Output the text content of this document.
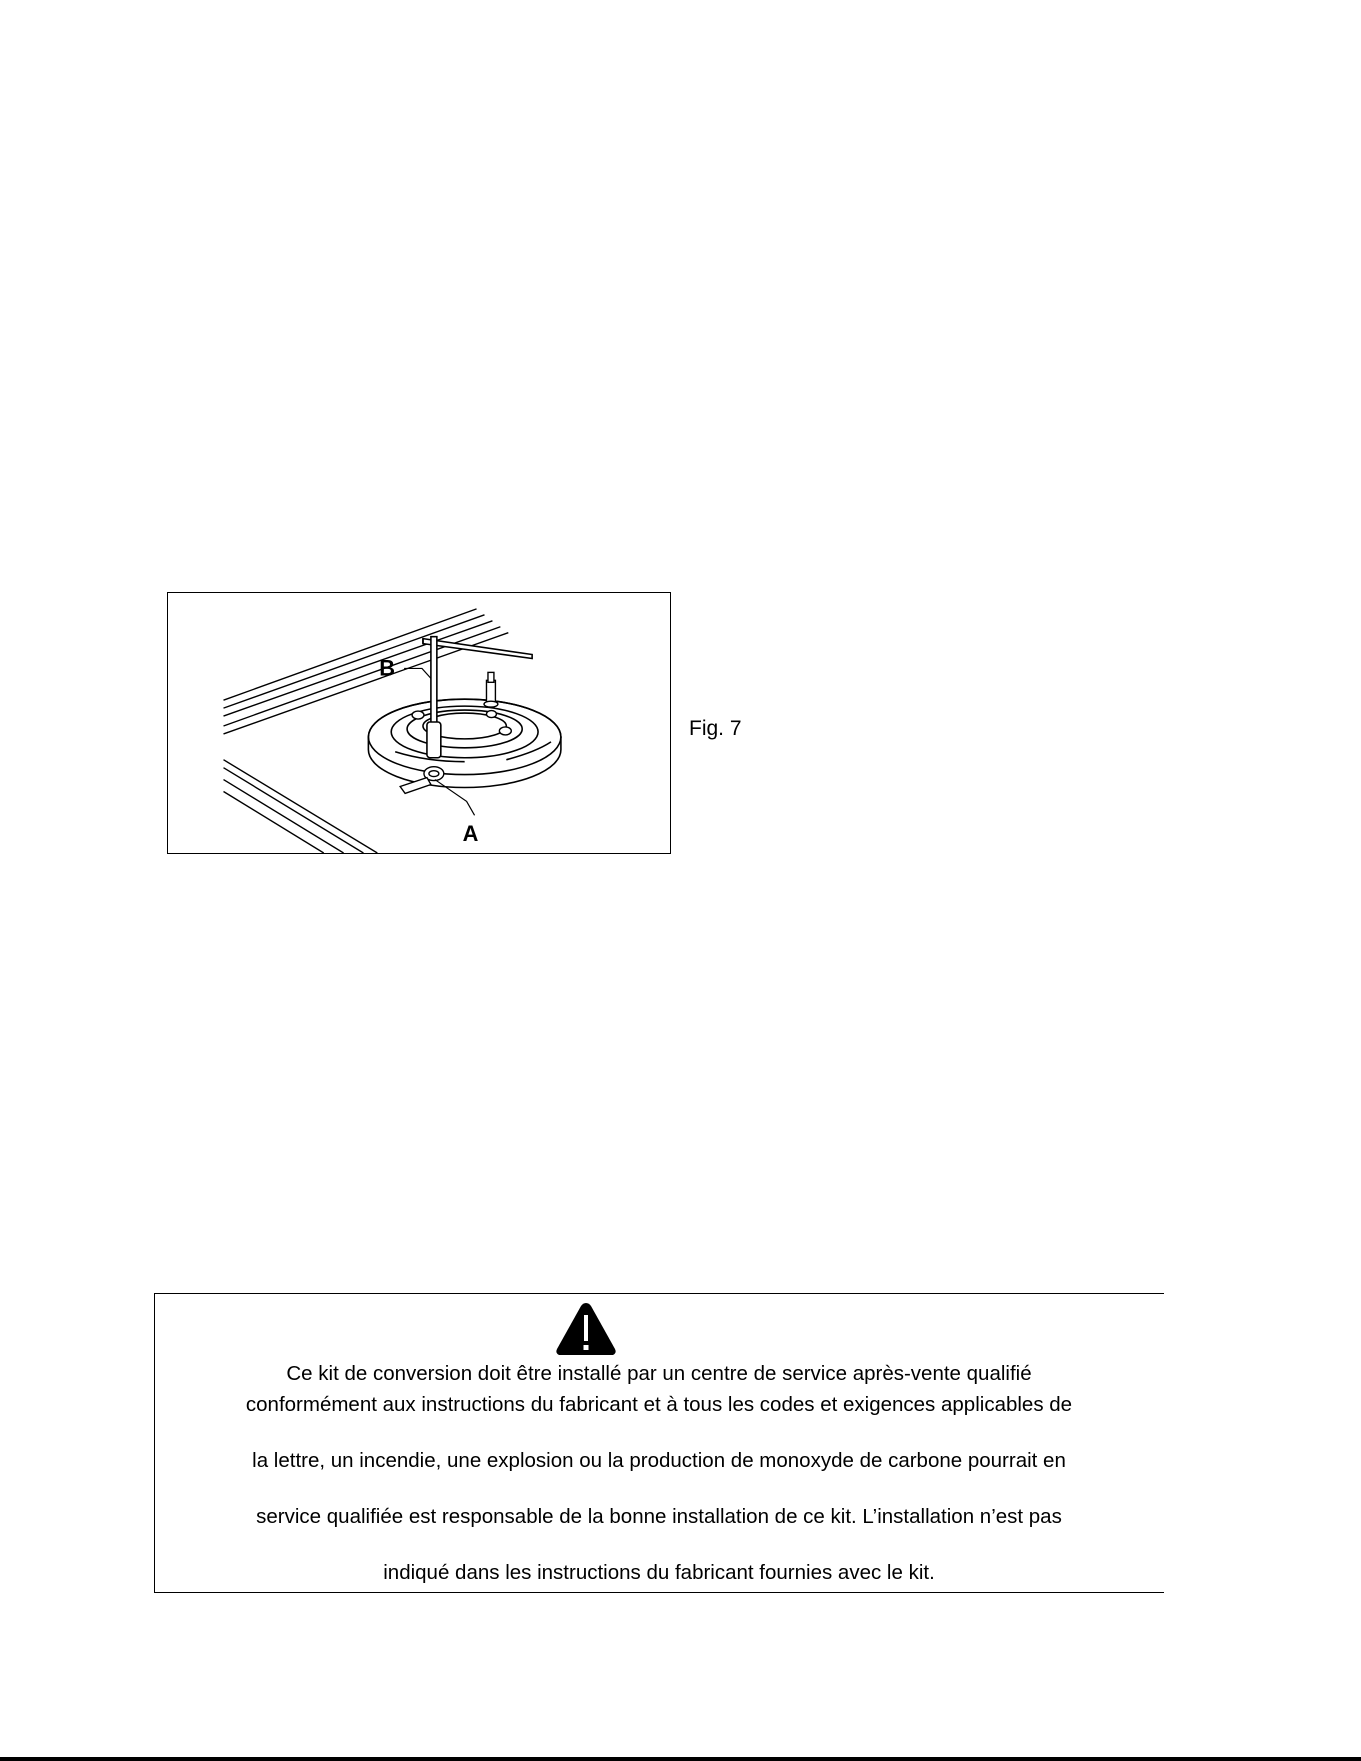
B
A
Fig. 7
Ce kit de conversion doit être installé par un centre de service après-vente qualifié
conformément aux instructions du fabricant et à tous les codes et exigences applicables de
la lettre, un incendie, une explosion ou la production de monoxyde de carbone pourrait en
service qualifiée est responsable de la bonne installation de ce kit. L’installation n’est pas
indiqué dans les instructions du fabricant fournies avec le kit.
